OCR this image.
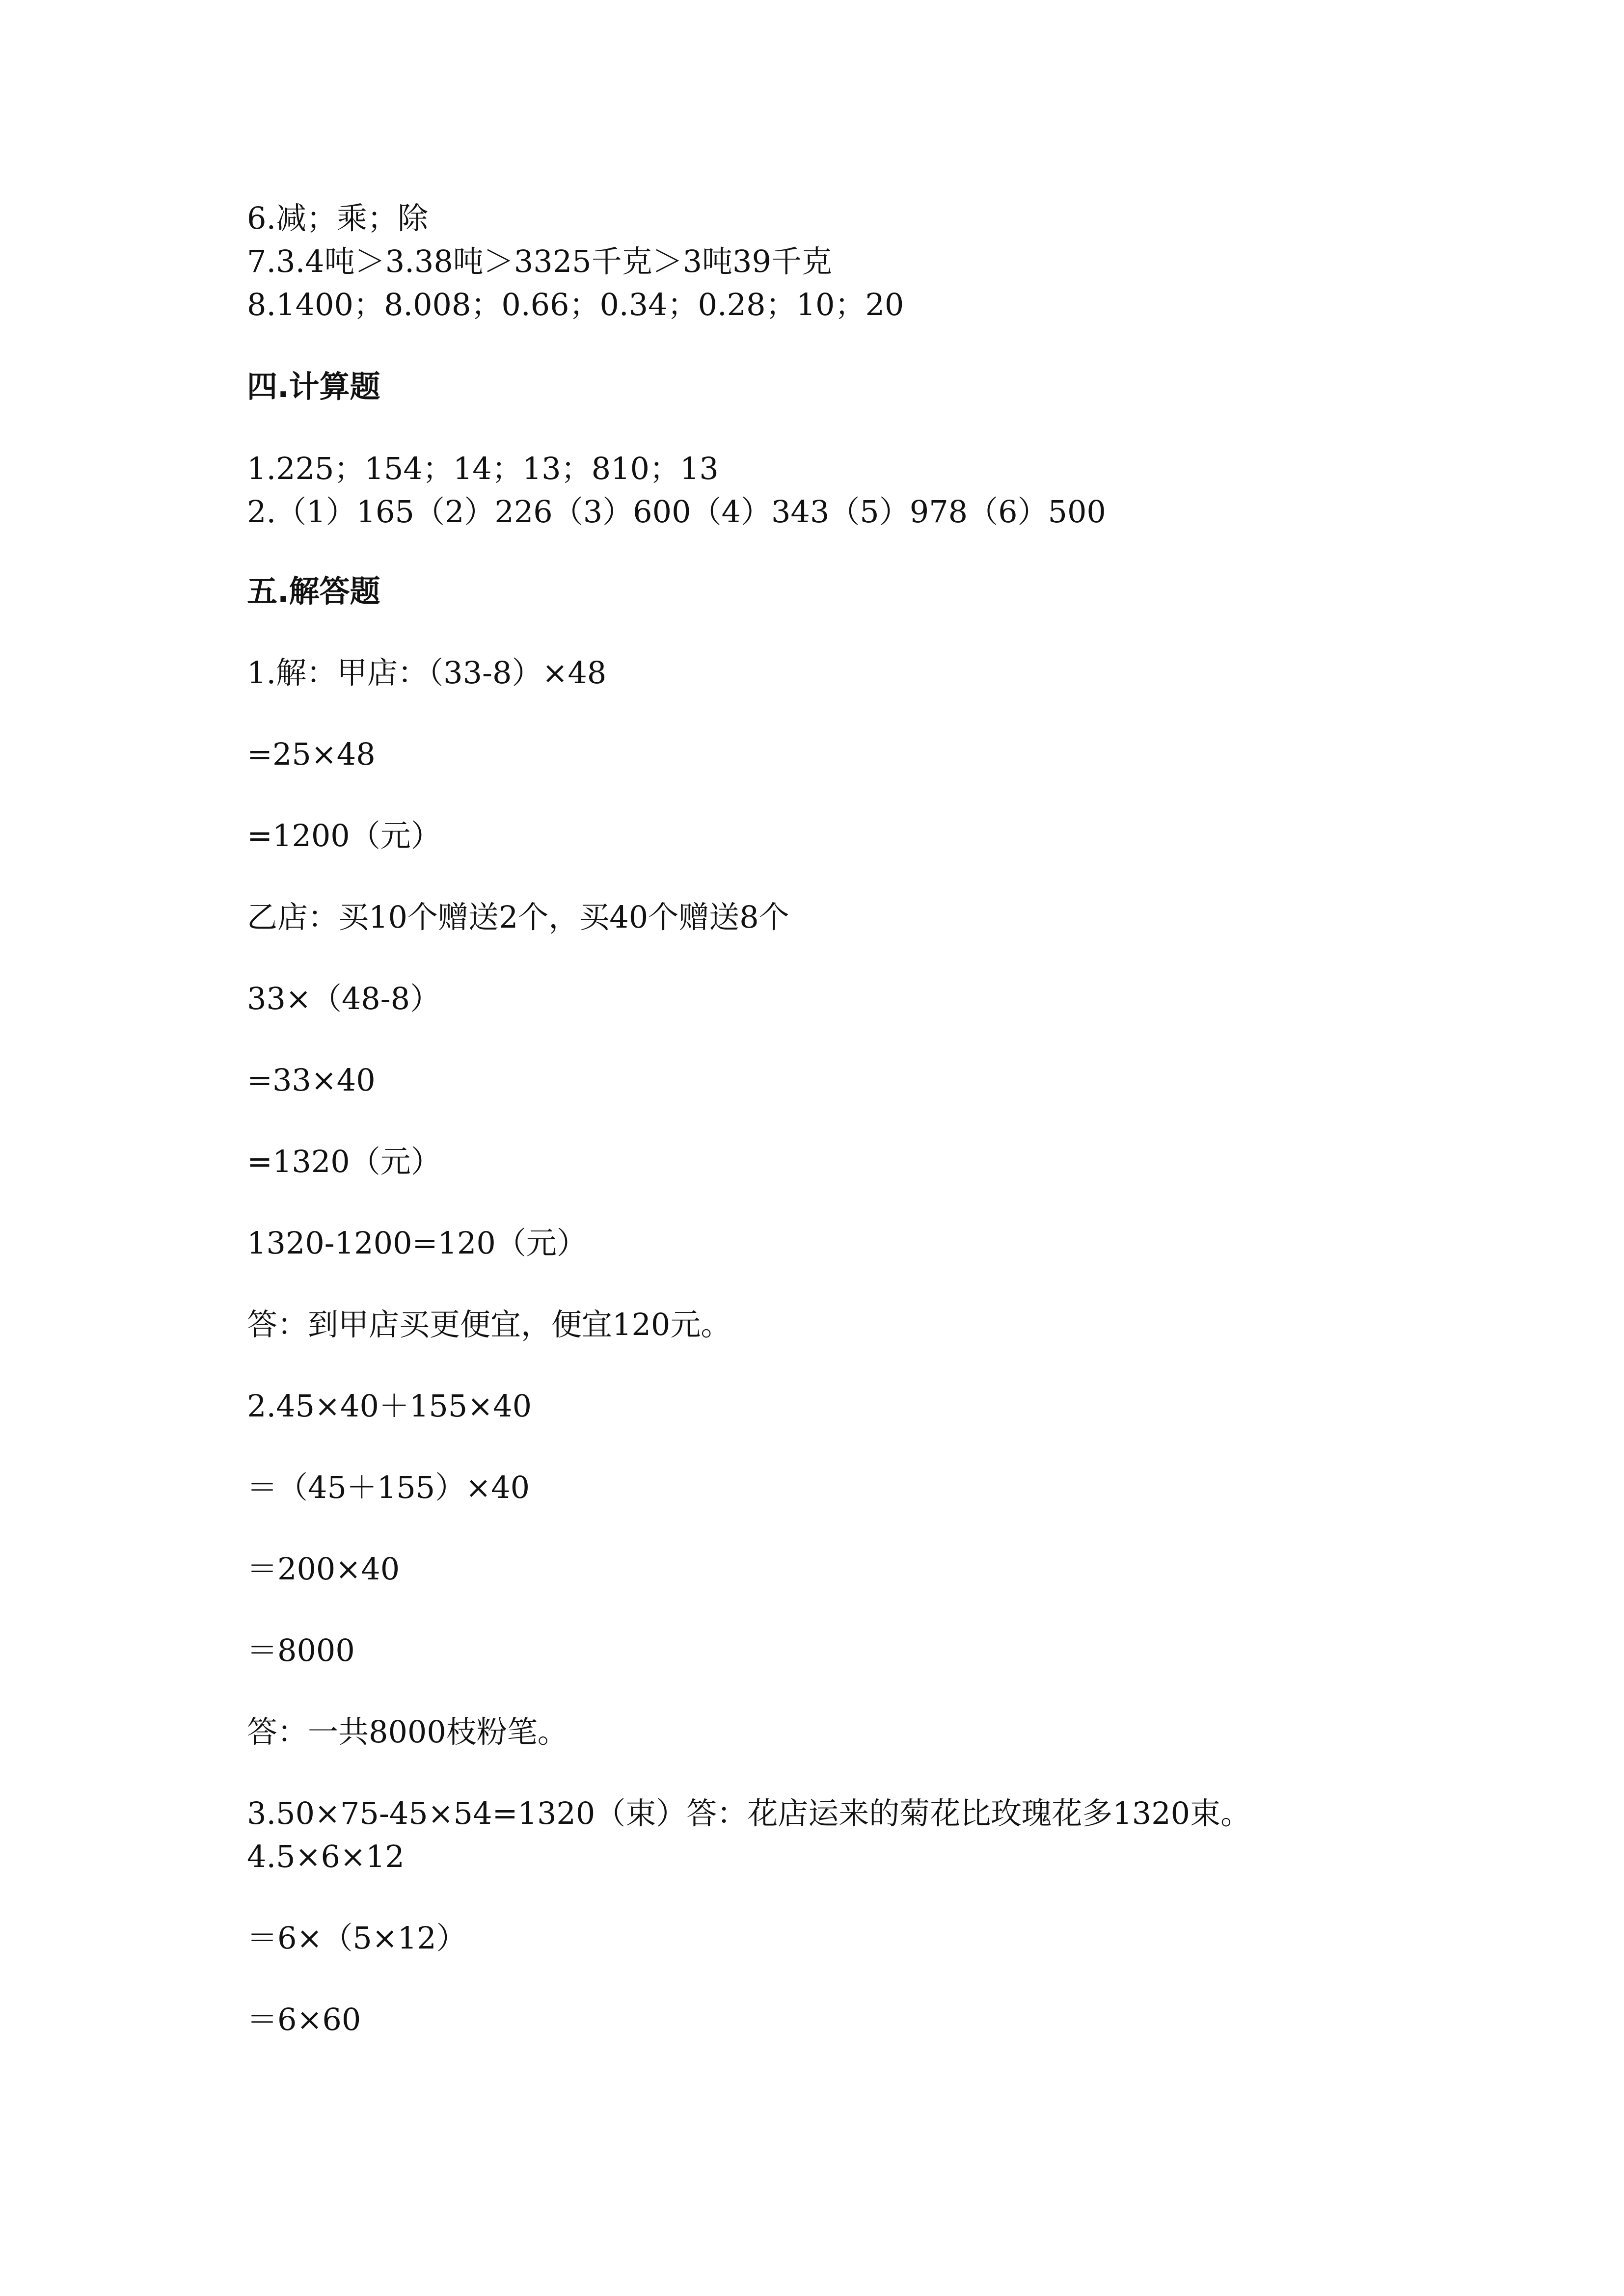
6.减；乘；除
7.3.4吨＞3.38吨＞3325千克＞3吨39千克
8.1400；8.008；0.66；0.34；0.28；10；20
四.计算题
1.225；154；14；13；810；13
2.（1）165（2）226（3）600（4）343（5）978（6）500
五.解答题
1.解：甲店：（33-8）×48
=25×48
=1200（元）
乙店：买10个赠送2个，买40个赠送8个
33×（48-8）
=33×40
=1320（元）
1320-1200=120（元）
答：到甲店买更便宜，便宜120元。
2.45×40＋155×40
＝（45＋155）×40
＝200×40
＝8000
答：一共8000枝粉笔。
3.50×75-45×54=1320（束）答：花店运来的菊花比玫瑰花多1320束。
4.5×6×12
＝6×（5×12）
＝6×60
